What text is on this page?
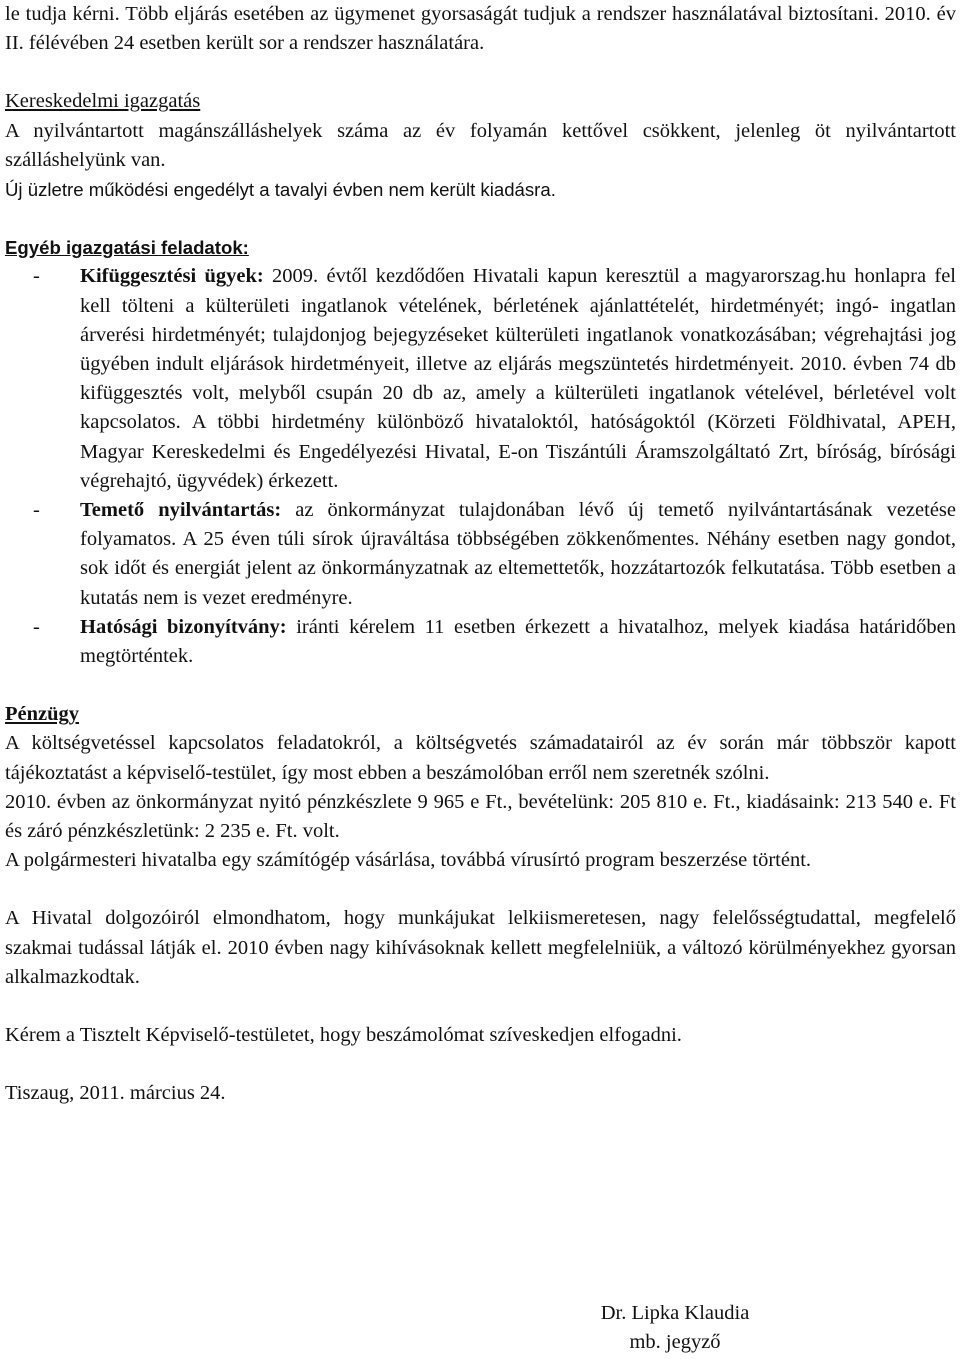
le tudja kérni. Több eljárás esetében az ügymenet gyorsaságát tudjuk a rendszer használatával biztosítani. 2010. év II. félévében 24 esetben került sor a rendszer használatára.

Kereskedelmi igazgatás

A nyilvántartott magánszálláshelyek száma az év folyamán kettővel csökkent, jelenleg öt nyilvántartott szálláshelyünk van.

Új üzletre működési engedélyt a tavalyi évben nem került kiadásra.

Egyéb igazgatási feladatok:

- Kifüggesztési ügyek: 2009. évtől kezdődően Hivatali kapun keresztül a magyarorszag.hu honlapra fel kell tölteni a külterületi ingatlanok vételének, bérletének ajánlattételét, hirdetményét; ingó- ingatlan árverési hirdetményét; tulajdonjog bejegyzéseket külterületi ingatlanok vonatkozásában; végrehajtási jog ügyében indult eljárások hirdetményeit, illetve az eljárás megszüntetés hirdetményeit. 2010. évben 74 db kifüggesztés volt, melyből csupán 20 db az, amely a külterületi ingatlanok vételével, bérletével volt kapcsolatos. A többi hirdetmény különböző hivataloktól, hatóságoktól (Körzeti Földhivatal, APEH, Magyar Kereskedelmi és Engedélyezési Hivatal, E-on Tiszántúli Áramszolgáltató Zrt, bíróság, bírósági végrehajtó, ügyvédek) érkezett.
- Temető nyilvántartás: az önkormányzat tulajdonában lévő új temető nyilvántartásának vezetése folyamatos. A 25 éven túli sírok újraváltása többségében zökkenőmentes. Néhány esetben nagy gondot, sok időt és energiát jelent az önkormányzatnak az eltemettetők, hozzátartozók felkutatása. Több esetben a kutatás nem is vezet eredményre.
- Hatósági bizonyítvány: iránti kérelem 11 esetben érkezett a hivatalhoz, melyek kiadása határidőben megtörténtek.

Pénzügy

A költségvetéssel kapcsolatos feladatokról, a költségvetés számadatairól az év során már többször kapott tájékoztatást a képviselő-testület, így most ebben a beszámolóban erről nem szeretnék szólni.

2010. évben az önkormányzat nyitó pénzkészlete 9 965 e Ft., bevételünk: 205 810 e. Ft., kiadásaink: 213 540 e. Ft és záró pénzkészletünk: 2 235 e. Ft. volt.

A polgármesteri hivatalba egy számítógép vásárlása, továbbá vírusírtó program beszerzése történt.

A Hivatal dolgozóiról elmondhatom, hogy munkájukat lelkiismeretesen, nagy felelősségtudattal, megfelelő szakmai tudással látják el. 2010 évben nagy kihívásoknak kellett megfelelniük, a változó körülményekhez gyorsan alkalmazkodtak.

Kérem a Tisztelt Képviselő-testületet, hogy beszámolómat szíveskedjen elfogadni.

Tiszaug, 2011. március 24.

Dr. Lipka Klaudia
mb. jegyző
